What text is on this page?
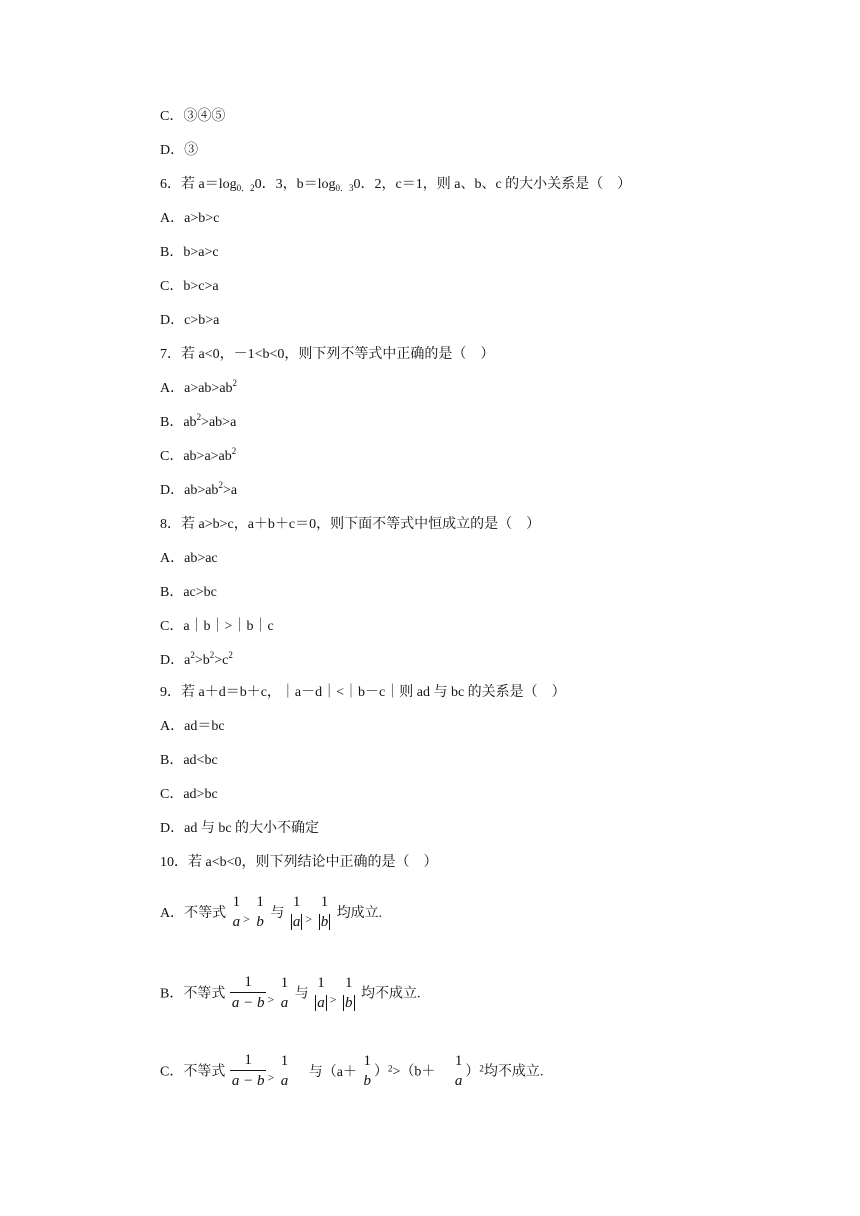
C．③④⑤
D．③
6．若 $a=\log_{0.2}0$．3，$b=\log_{0.3}0$．2，c＝1，则 a、b、c 的大小关系是（　）
A．a>b>c
B．b>a>c
C．b>c>a
D．c>b>a
7．若 a<0，－1<b<0，则下列不等式中正确的是（　）
A．$a>ab>ab^2$
B．$ab^2>ab>a$
C．$ab>a>ab^2$
D．$ab>ab^2>a$
8．若 a>b>c，a＋b＋c＝0，则下面不等式中恒成立的是（　）
A．ab>ac
B．ac>bc
C．a｜b｜>｜b｜c
D．$a^2>b^2>c^2$
9．若 a＋d＝b＋c，｜a－d｜<｜b－c｜则 ad 与 bc 的关系是（　）
A．ad＝bc
B．ad<bc
C．ad>bc
D．ad 与 bc 的大小不确定
10．若 a<b<0，则下列结论中正确的是（　）
A．不等式
1
a >
1
b
与
1
a >
1
b
均成立.
B．不等式 $\frac{1}{a - b}$ >
1
a
与
1
a >
1
b
均不成立.
C．不等式 $\frac{1}{a - b}$ >
1
a
与（a＋
1
b
）$^2$>（b＋
1
a
）$^2$均不成立.
